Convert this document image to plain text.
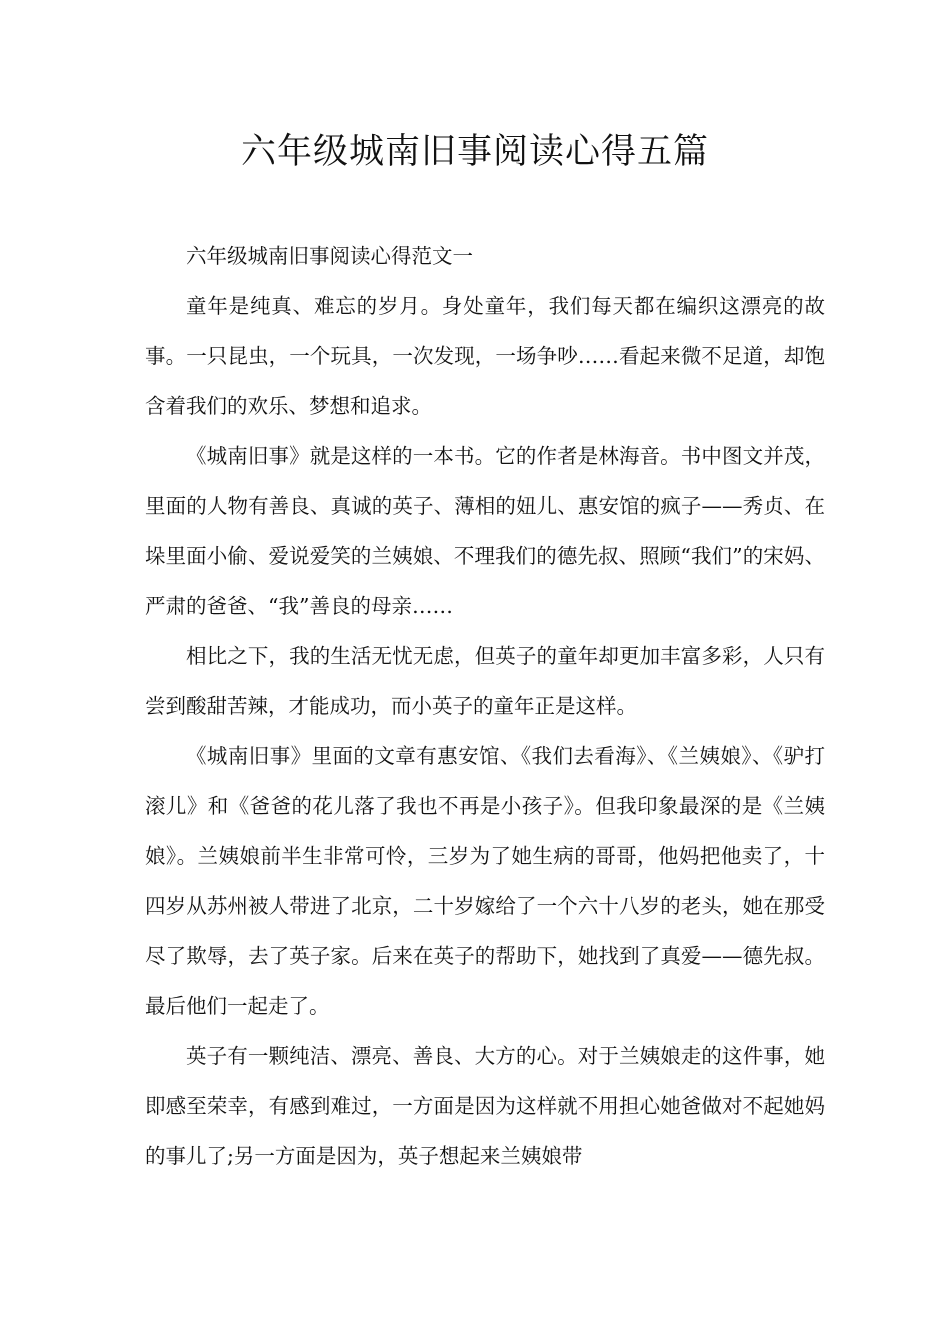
六年级城南旧事阅读心得五篇

六年级城南旧事阅读心得范文一

童年是纯真、难忘的岁月。身处童年，我们每天都在编织这漂亮的故事。一只昆虫，一个玩具，一次发现，一场争吵……看起来微不足道，却饱含着我们的欢乐、梦想和追求。

《城南旧事》就是这样的一本书。它的作者是林海音。书中图文并茂，里面的人物有善良、真诚的英子、薄相的妞儿、惠安馆的疯子——秀贞、在垛里面小偷、爱说爱笑的兰姨娘、不理我们的德先叔、照顾“我们”的宋妈、严肃的爸爸、“我”善良的母亲……

相比之下，我的生活无忧无虑，但英子的童年却更加丰富多彩，人只有尝到酸甜苦辣，才能成功，而小英子的童年正是这样。

《城南旧事》里面的文章有惠安馆、《我们去看海》、《兰姨娘》、《驴打滚儿》和《爸爸的花儿落了我也不再是小孩子》。但我印象最深的是《兰姨娘》。兰姨娘前半生非常可怜，三岁为了她生病的哥哥，他妈把他卖了，十四岁从苏州被人带进了北京，二十岁嫁给了一个六十八岁的老头，她在那受尽了欺辱，去了英子家。后来在英子的帮助下，她找到了真爱——德先叔。最后他们一起走了。

英子有一颗纯洁、漂亮、善良、大方的心。对于兰姨娘走的这件事，她即感至荣幸，有感到难过，一方面是因为这样就不用担心她爸做对不起她妈的事儿了;另一方面是因为，英子想起来兰姨娘带
